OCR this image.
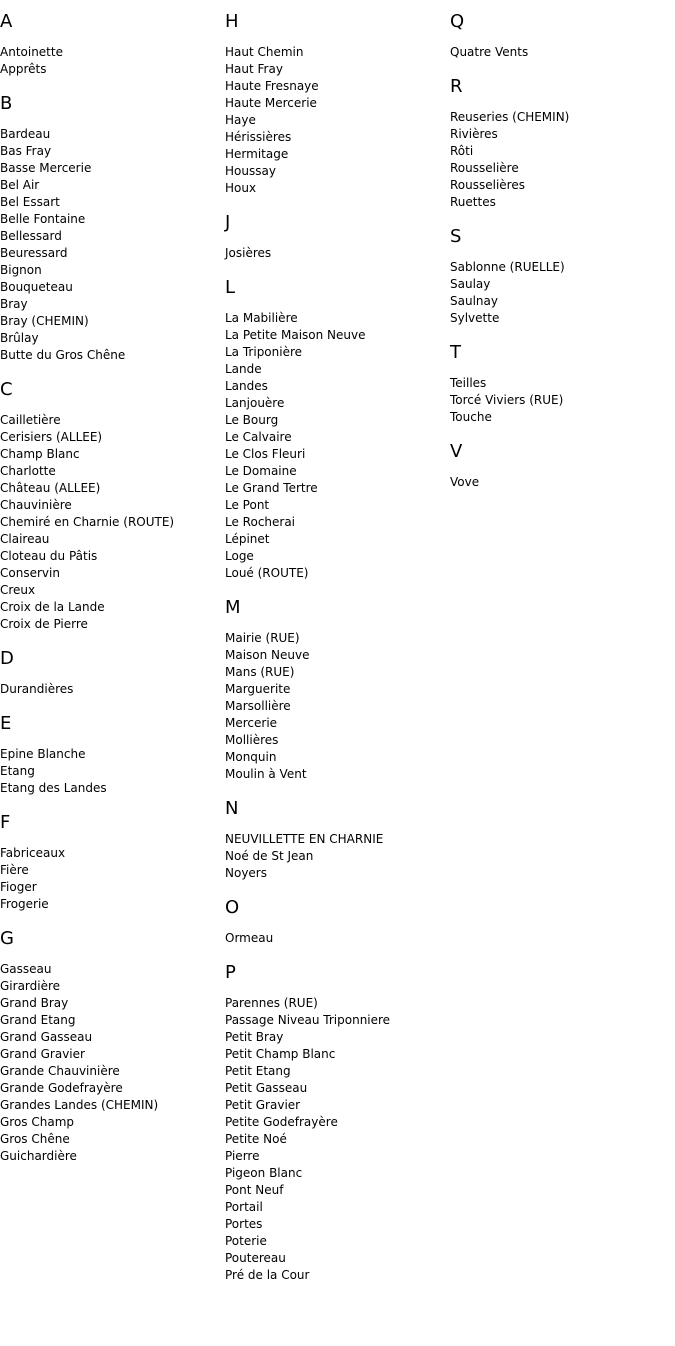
A
Antoinette
Apprêts
B
Bardeau
Bas Fray
Basse Mercerie
Bel Air
Bel Essart
Belle Fontaine
Bellessard
Beuressard
Bignon
Bouqueteau
Bray
Bray (CHEMIN)
Brûlay
Butte du Gros Chêne
C
Cailletière
Cerisiers (ALLEE)
Champ Blanc
Charlotte
Château (ALLEE)
Chauvinière
Chemiré en Charnie (ROUTE)
Claireau
Cloteau du Pâtis
Conservin
Creux
Croix de la Lande
Croix de Pierre
D
Durandières
E
Epine Blanche
Etang
Etang des Landes
F
Fabriceaux
Fière
Fioger
Frogerie
G
Gasseau
Girardière
Grand Bray
Grand Etang
Grand Gasseau
Grand Gravier
Grande Chauvinière
Grande Godefrayère
Grandes Landes (CHEMIN)
Gros Champ
Gros Chêne
Guichardière
H
Haut Chemin
Haut Fray
Haute Fresnaye
Haute Mercerie
Haye
Hérissières
Hermitage
Houssay
Houx
J
Josières
L
La Mabilière
La Petite Maison Neuve
La Triponière
Lande
Landes
Lanjouère
Le Bourg
Le Calvaire
Le Clos Fleuri
Le Domaine
Le Grand Tertre
Le Pont
Le Rocherai
Lépinet
Loge
Loué (ROUTE)
M
Mairie (RUE)
Maison Neuve
Mans (RUE)
Marguerite
Marsollière
Mercerie
Mollières
Monquin
Moulin à Vent
N
NEUVILLETTE EN CHARNIE
Noé de St Jean
Noyers
O
Ormeau
P
Parennes (RUE)
Passage Niveau Triponniere
Petit Bray
Petit Champ Blanc
Petit Etang
Petit Gasseau
Petit Gravier
Petite Godefrayère
Petite Noé
Pierre
Pigeon Blanc
Pont Neuf
Portail
Portes
Poterie
Poutereau
Pré de la Cour
Q
Quatre Vents
R
Reuseries (CHEMIN)
Rivières
Rôti
Rousselière
Rousselières
Ruettes
S
Sablonne (RUELLE)
Saulay
Saulnay
Sylvette
T
Teilles
Torcé Viviers (RUE)
Touche
V
Vove
